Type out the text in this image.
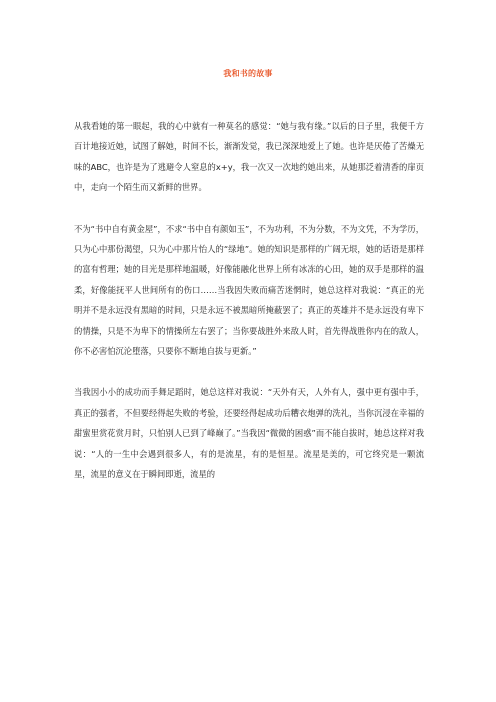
我和书的故事

从我看她的第一眼起，我的心中就有一种莫名的感觉：“她与我有缘。”以后的日子里，我便千方百计地接近她，试图了解她，时间不长，渐渐发觉，我已深深地爱上了她。也许是厌倦了苦燥无味的ABC，也许是为了逃避令人窒息的x+y，我一次又一次地约她出来，从她那泛着清香的扉页中，走向一个陌生而又新鲜的世界。

不为“书中自有黄金屋”，不求“书中自有颜如玉”，不为功利，不为分数，不为文凭，不为学历，只为心中那份渴望，只为心中那片怡人的“绿地”。她的知识是那样的广阔无垠，她的话语是那样的富有哲理；她的目光是那样地温暖，好像能融化世界上所有冰冻的心田，她的双手是那样的温柔，好像能抚平人世间所有的伤口……当我因失败而痛苦迷惘时，她总这样对我说：“真正的光明并不是永远没有黑暗的时间，只是永远不被黑暗所掩蔽罢了；真正的英雄并不是永远没有卑下的情操，只是不为卑下的情操所左右罢了；当你要战胜外来敌人时，首先得战胜你内在的敌人，你不必害怕沉沦堕落，只要你不断地自拔与更新。”

当我因小小的成功而手舞足蹈时，她总这样对我说：“天外有天，人外有人，强中更有强中手，真正的强者，不但要经得起失败的考验，还要经得起成功后糟衣炮弹的洗礼，当你沉浸在幸福的甜蜜里赏花赏月时，只怕别人已到了峰巅了。”当我因“微微的困惑”而不能自拔时，她总这样对我说：“人的一生中会遇到很多人，有的是流星，有的是恒星。流星是美的，可它终究是一颗流星，流星的意义在于瞬间即逝，流星的
